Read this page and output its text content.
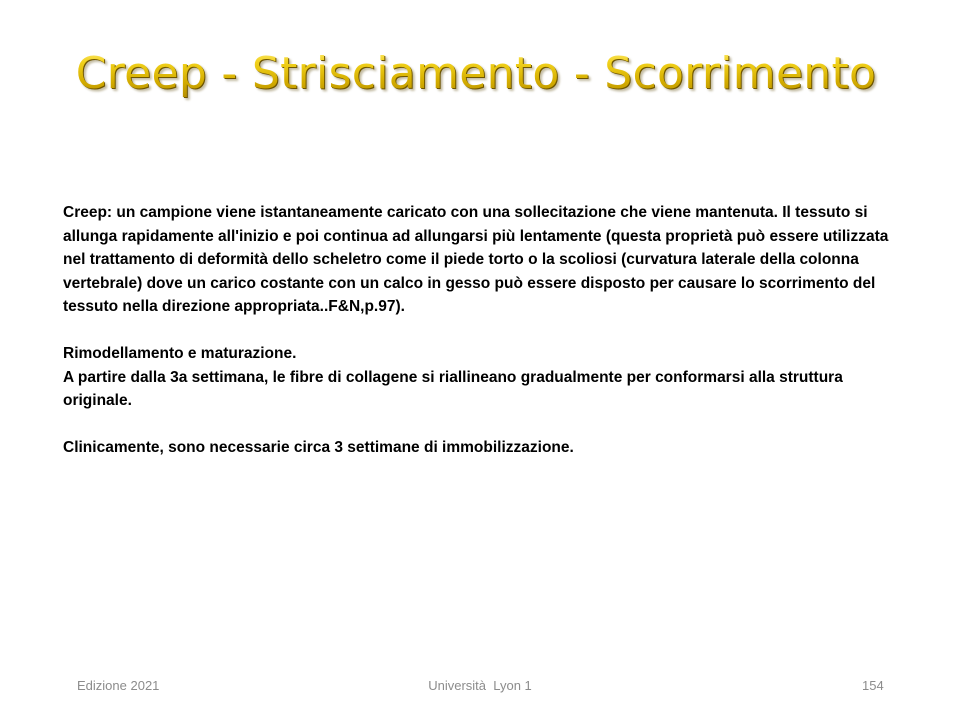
Creep - Strisciamento - Scorrimento

Creep: un campione viene istantaneamente caricato con una sollecitazione che viene mantenuta. Il tessuto si allunga rapidamente all'inizio e poi continua ad allungarsi più lentamente (questa proprietà può essere utilizzata nel trattamento di deformità dello scheletro come il piede torto o la scoliosi (curvatura laterale della colonna vertebrale) dove un carico costante con un calco in gesso può essere disposto per causare lo scorrimento del tessuto nella direzione appropriata..F&N,p.97).

Rimodellamento e maturazione.

A partire dalla 3a settimana, le fibre di collagene si riallineano gradualmente per conformarsi alla struttura originale.

Clinicamente, sono necessarie circa 3 settimane di immobilizzazione.

Edizione 2021	Università  Lyon 1	154
